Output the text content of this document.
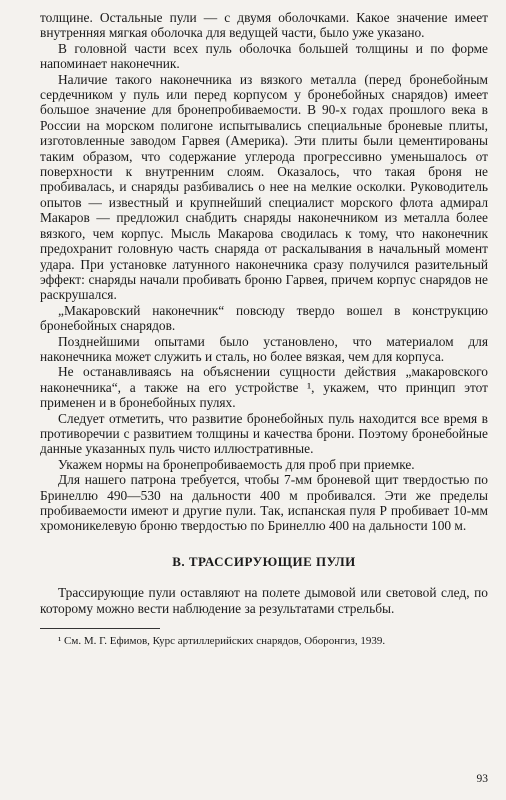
толщине. Остальные пули — с двумя оболочками. Какое значение имеет внутренняя мягкая оболочка для ведущей части, было уже указано.

В головной части всех пуль оболочка большей толщины и по форме напоминает наконечник.

Наличие такого наконечника из вязкого металла (перед бронебойным сердечником у пуль или перед корпусом у бронебойных снарядов) имеет большое значение для бронепробиваемости. В 90-х годах прошлого века в России на морском полигоне испытывались специальные броневые плиты, изготовленные заводом Гарвея (Америка). Эти плиты были цементированы таким образом, что содержание углерода прогрессивно уменьшалось от поверхности к внутренним слоям. Оказалось, что такая броня не пробивалась, и снаряды разбивались о нее на мелкие осколки. Руководитель опытов — известный и крупнейший специалист морского флота адмирал Макаров — предложил снабдить снаряды наконечником из металла более вязкого, чем корпус. Мысль Макарова сводилась к тому, что наконечник предохранит головную часть снаряда от раскалывания в начальный момент удара. При установке латунного наконечника сразу получился разительный эффект: снаряды начали пробивать броню Гарвея, причем корпус снарядов не раскрушался.

„Макаровский наконечник“ повсюду твердо вошел в конструкцию бронебойных снарядов.

Позднейшими опытами было установлено, что материалом для наконечника может служить и сталь, но более вязкая, чем для корпуса.

Не останавливаясь на объяснении сущности действия „макаровского наконечника“, а также на его устройстве ¹, укажем, что принцип этот применен и в бронебойных пулях.

Следует отметить, что развитие бронебойных пуль находится все время в противоречии с развитием толщины и качества брони. Поэтому бронебойные данные указанных пуль чисто иллюстративные.

Укажем нормы на бронепробиваемость для проб при приемке.

Для нашего патрона требуется, чтобы 7-мм броневой щит твердостью по Бринеллю 490—530 на дальности 400 м пробивался. Эти же пределы пробиваемости имеют и другие пули. Так, испанская пуля Р пробивает 10-мм хромоникелевую броню твердостью по Бринеллю 400 на дальности 100 м.

В. ТРАССИРУЮЩИЕ ПУЛИ

Трассирующие пули оставляют на полете дымовой или световой след, по которому можно вести наблюдение за результатами стрельбы.

¹ См. М. Г. Ефимов, Курс артиллерийских снарядов, Оборонгиз, 1939.

93
